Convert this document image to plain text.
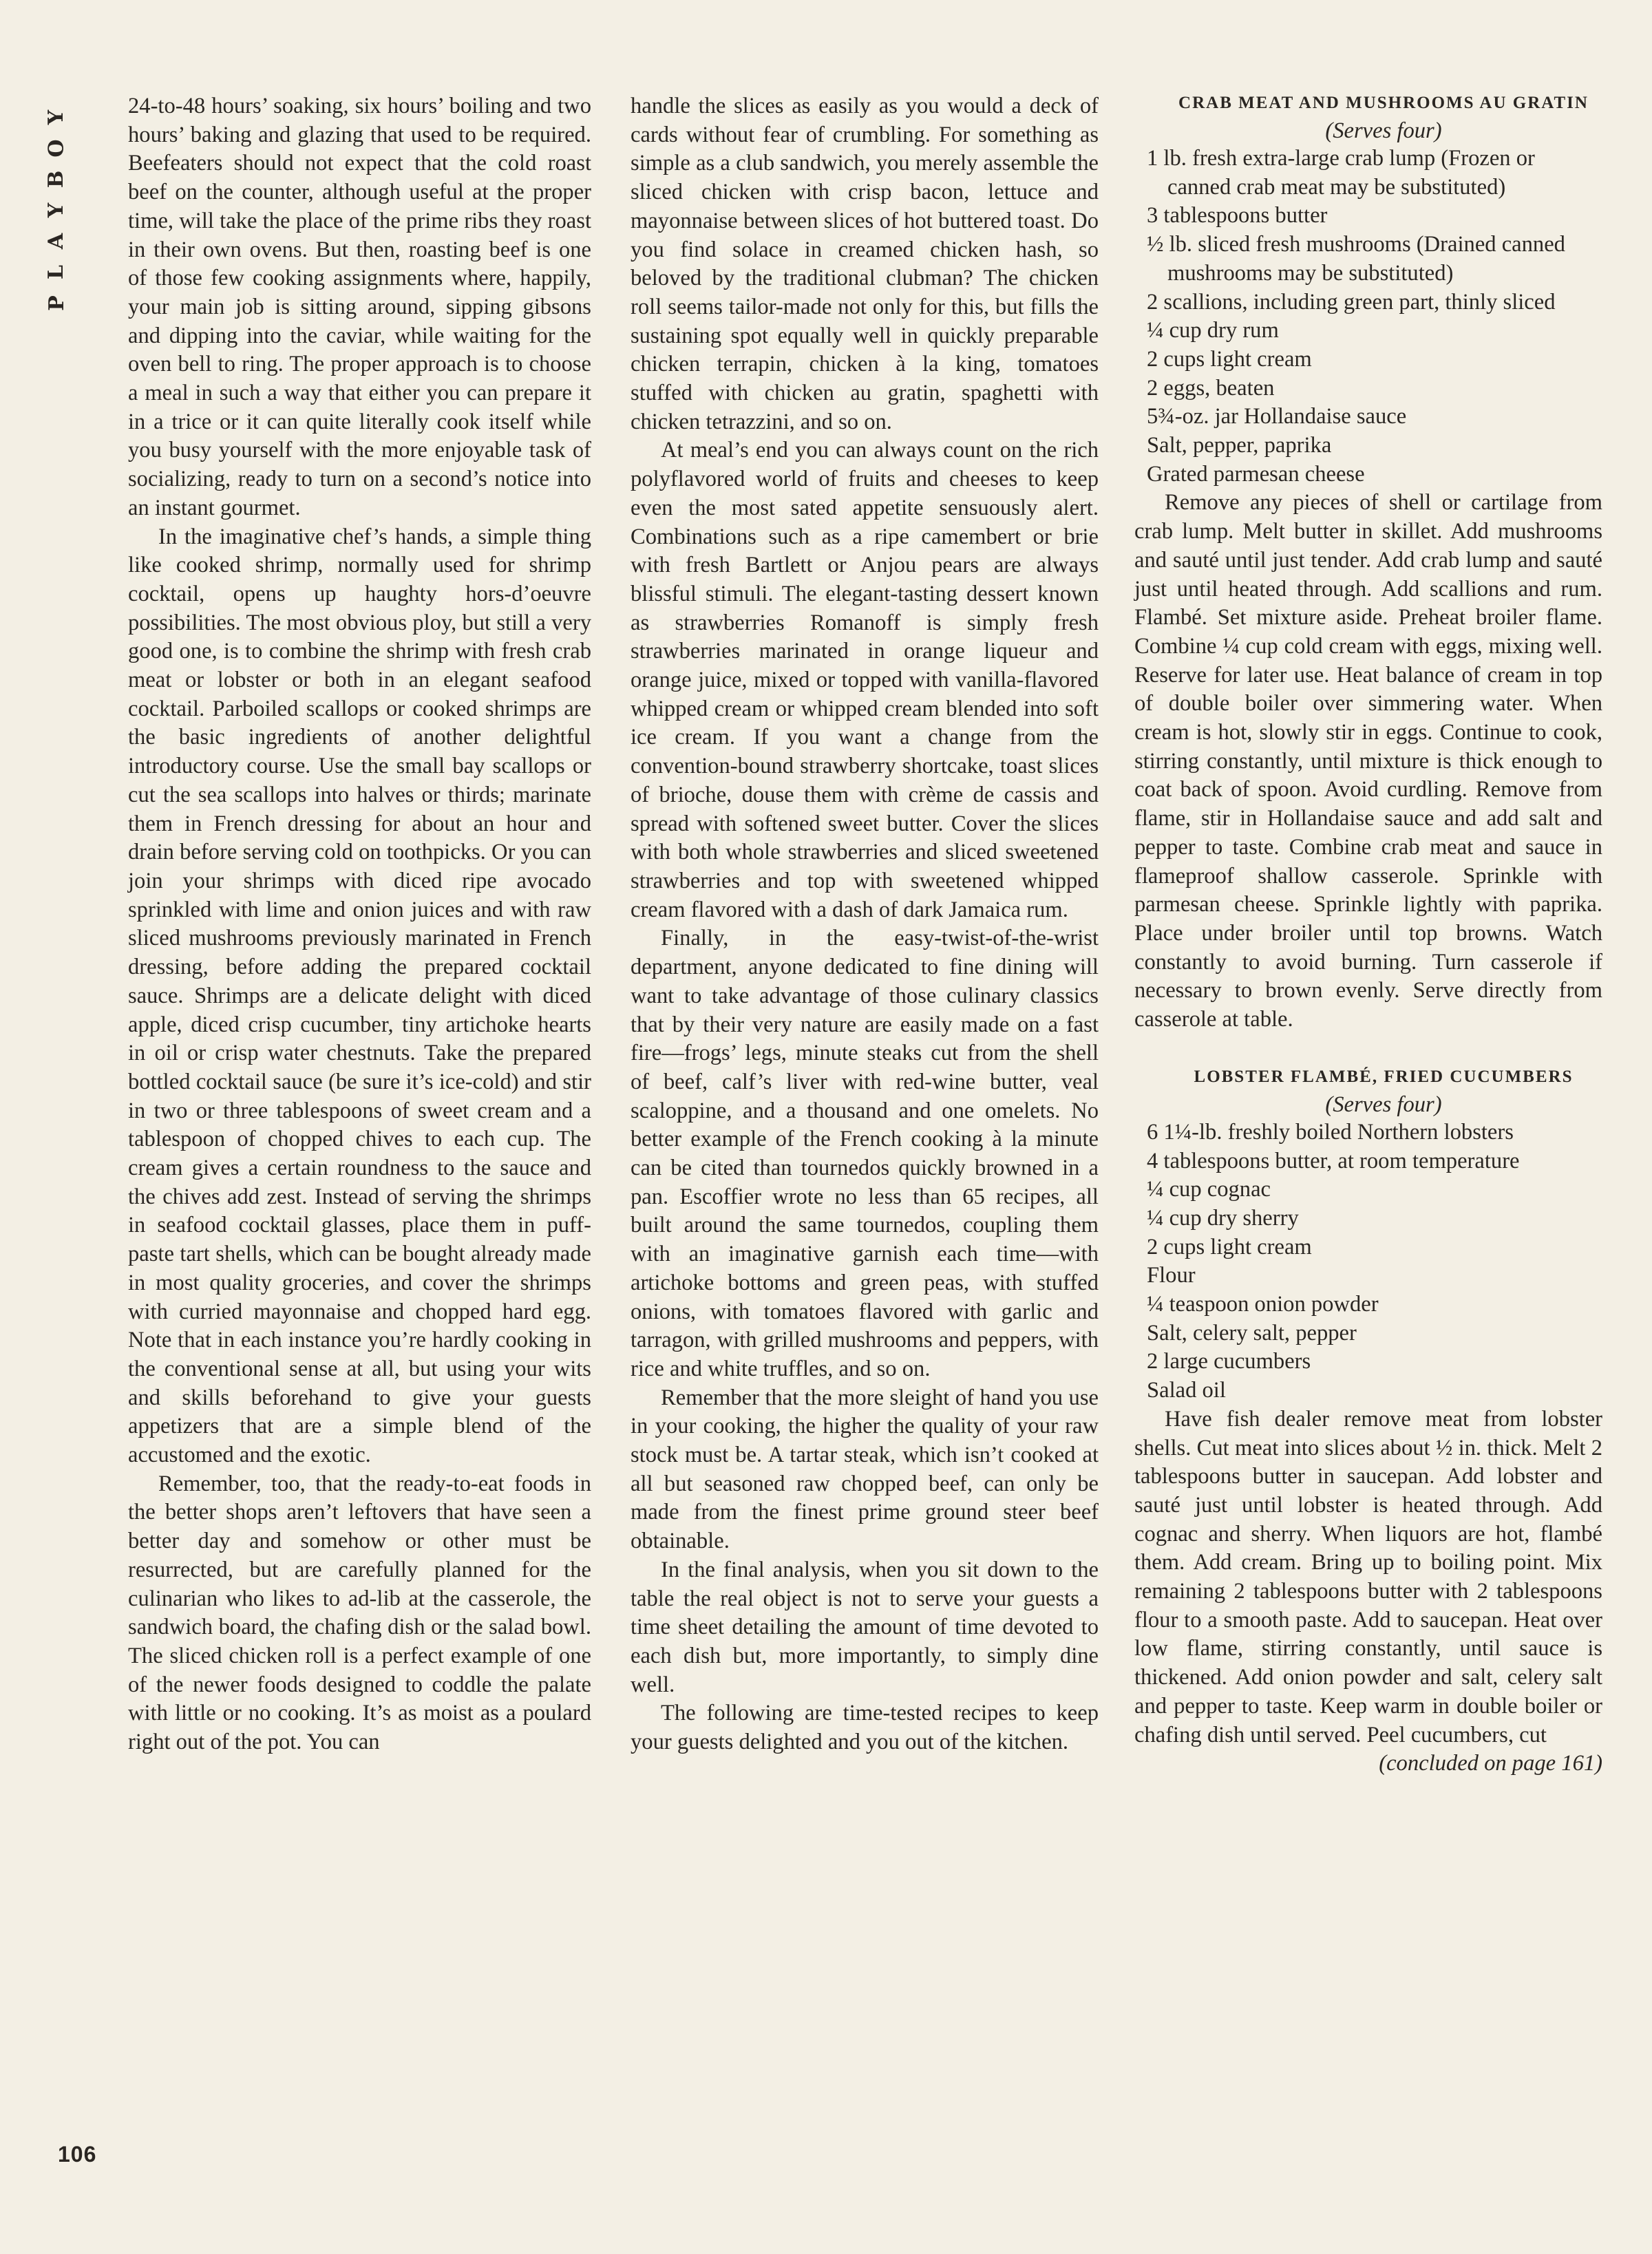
Y
O
B
Y
A
L
P
106

24-to-48 hours’ soaking, six hours’ boiling and two hours’ baking and glazing that used to be required. Beefeaters should not expect that the cold roast beef on the counter, although useful at the proper time, will take the place of the prime ribs they roast in their own ovens. But then, roasting beef is one of those few cooking assignments where, happily, your main job is sitting around, sipping gibsons and dipping into the caviar, while waiting for the oven bell to ring. The proper approach is to choose a meal in such a way that either you can prepare it in a trice or it can quite literally cook itself while you busy yourself with the more enjoyable task of socializing, ready to turn on a second’s notice into an instant gourmet.

In the imaginative chef’s hands, a simple thing like cooked shrimp, normally used for shrimp cocktail, opens up haughty hors-d’oeuvre possibilities. The most obvious ploy, but still a very good one, is to combine the shrimp with fresh crab meat or lobster or both in an elegant seafood cocktail. Parboiled scallops or cooked shrimps are the basic ingredients of another delightful introductory course. Use the small bay scallops or cut the sea scallops into halves or thirds; marinate them in French dressing for about an hour and drain before serving cold on toothpicks. Or you can join your shrimps with diced ripe avocado sprinkled with lime and onion juices and with raw sliced mushrooms previously marinated in French dressing, before adding the prepared cocktail sauce. Shrimps are a delicate delight with diced apple, diced crisp cucumber, tiny artichoke hearts in oil or crisp water chestnuts. Take the prepared bottled cocktail sauce (be sure it’s ice-cold) and stir in two or three tablespoons of sweet cream and a tablespoon of chopped chives to each cup. The cream gives a certain roundness to the sauce and the chives add zest. Instead of serving the shrimps in seafood cocktail glasses, place them in puff-paste tart shells, which can be bought already made in most quality groceries, and cover the shrimps with curried mayonnaise and chopped hard egg. Note that in each instance you’re hardly cooking in the conventional sense at all, but using your wits and skills beforehand to give your guests appetizers that are a simple blend of the accustomed and the exotic.

Remember, too, that the ready-to-eat foods in the better shops aren’t leftovers that have seen a better day and somehow or other must be resurrected, but are carefully planned for the culinarian who likes to ad-lib at the casserole, the sandwich board, the chafing dish or the salad bowl. The sliced chicken roll is a perfect example of one of the newer foods designed to coddle the palate with little or no cooking. It’s as moist as a poulard right out of the pot. You can

handle the slices as easily as you would a deck of cards without fear of crumbling. For something as simple as a club sandwich, you merely assemble the sliced chicken with crisp bacon, lettuce and mayonnaise between slices of hot buttered toast. Do you find solace in creamed chicken hash, so beloved by the traditional clubman? The chicken roll seems tailor-made not only for this, but fills the sustaining spot equally well in quickly preparable chicken terrapin, chicken à la king, tomatoes stuffed with chicken au gratin, spaghetti with chicken tetrazzini, and so on.

At meal’s end you can always count on the rich polyflavored world of fruits and cheeses to keep even the most sated appetite sensuously alert. Combinations such as a ripe camembert or brie with fresh Bartlett or Anjou pears are always blissful stimuli. The elegant-tasting dessert known as strawberries Romanoff is simply fresh strawberries marinated in orange liqueur and orange juice, mixed or topped with vanilla-flavored whipped cream or whipped cream blended into soft ice cream. If you want a change from the convention-bound strawberry shortcake, toast slices of brioche, douse them with crème de cassis and spread with softened sweet butter. Cover the slices with both whole strawberries and sliced sweetened strawberries and top with sweetened whipped cream flavored with a dash of dark Jamaica rum.

Finally, in the easy-twist-of-the-wrist department, anyone dedicated to fine dining will want to take advantage of those culinary classics that by their very nature are easily made on a fast fire—frogs’ legs, minute steaks cut from the shell of beef, calf’s liver with red-wine butter, veal scaloppine, and a thousand and one omelets. No better example of the French cooking à la minute can be cited than tournedos quickly browned in a pan. Escoffier wrote no less than 65 recipes, all built around the same tournedos, coupling them with an imaginative garnish each time—with artichoke bottoms and green peas, with stuffed onions, with tomatoes flavored with garlic and tarragon, with grilled mushrooms and peppers, with rice and white truffles, and so on.

Remember that the more sleight of hand you use in your cooking, the higher the quality of your raw stock must be. A tartar steak, which isn’t cooked at all but seasoned raw chopped beef, can only be made from the finest prime ground steer beef obtainable.

In the final analysis, when you sit down to the table the real object is not to serve your guests a time sheet detailing the amount of time devoted to each dish but, more importantly, to simply dine well.

The following are time-tested recipes to keep your guests delighted and you out of the kitchen.

CRAB MEAT AND MUSHROOMS AU GRATIN

(Serves four)

1 lb. fresh extra-large crab lump (Frozen or canned crab meat may be substituted)

3 tablespoons butter

½ lb. sliced fresh mushrooms (Drained canned mushrooms may be substituted)

2 scallions, including green part, thinly sliced

¼ cup dry rum

2 cups light cream

2 eggs, beaten

5¾-oz. jar Hollandaise sauce

Salt, pepper, paprika

Grated parmesan cheese

Remove any pieces of shell or cartilage from crab lump. Melt butter in skillet. Add mushrooms and sauté until just tender. Add crab lump and sauté just until heated through. Add scallions and rum. Flambé. Set mixture aside. Preheat broiler flame. Combine ¼ cup cold cream with eggs, mixing well. Reserve for later use. Heat balance of cream in top of double boiler over simmering water. When cream is hot, slowly stir in eggs. Continue to cook, stirring constantly, until mixture is thick enough to coat back of spoon. Avoid curdling. Remove from flame, stir in Hollandaise sauce and add salt and pepper to taste. Combine crab meat and sauce in flameproof shallow casserole. Sprinkle with parmesan cheese. Sprinkle lightly with paprika. Place under broiler until top browns. Watch constantly to avoid burning. Turn casserole if necessary to brown evenly. Serve directly from casserole at table.

LOBSTER FLAMBÉ, FRIED CUCUMBERS

(Serves four)

6 1¼-lb. freshly boiled Northern lobsters

4 tablespoons butter, at room temperature

¼ cup cognac

¼ cup dry sherry

2 cups light cream

Flour

¼ teaspoon onion powder

Salt, celery salt, pepper

2 large cucumbers

Salad oil

Have fish dealer remove meat from lobster shells. Cut meat into slices about ½ in. thick. Melt 2 tablespoons butter in saucepan. Add lobster and sauté just until lobster is heated through. Add cognac and sherry. When liquors are hot, flambé them. Add cream. Bring up to boiling point. Mix remaining 2 tablespoons butter with 2 tablespoons flour to a smooth paste. Add to saucepan. Heat over low flame, stirring constantly, until sauce is thickened. Add onion powder and salt, celery salt and pepper to taste. Keep warm in double boiler or chafing dish until served. Peel cucumbers, cut

(concluded on page 161)
